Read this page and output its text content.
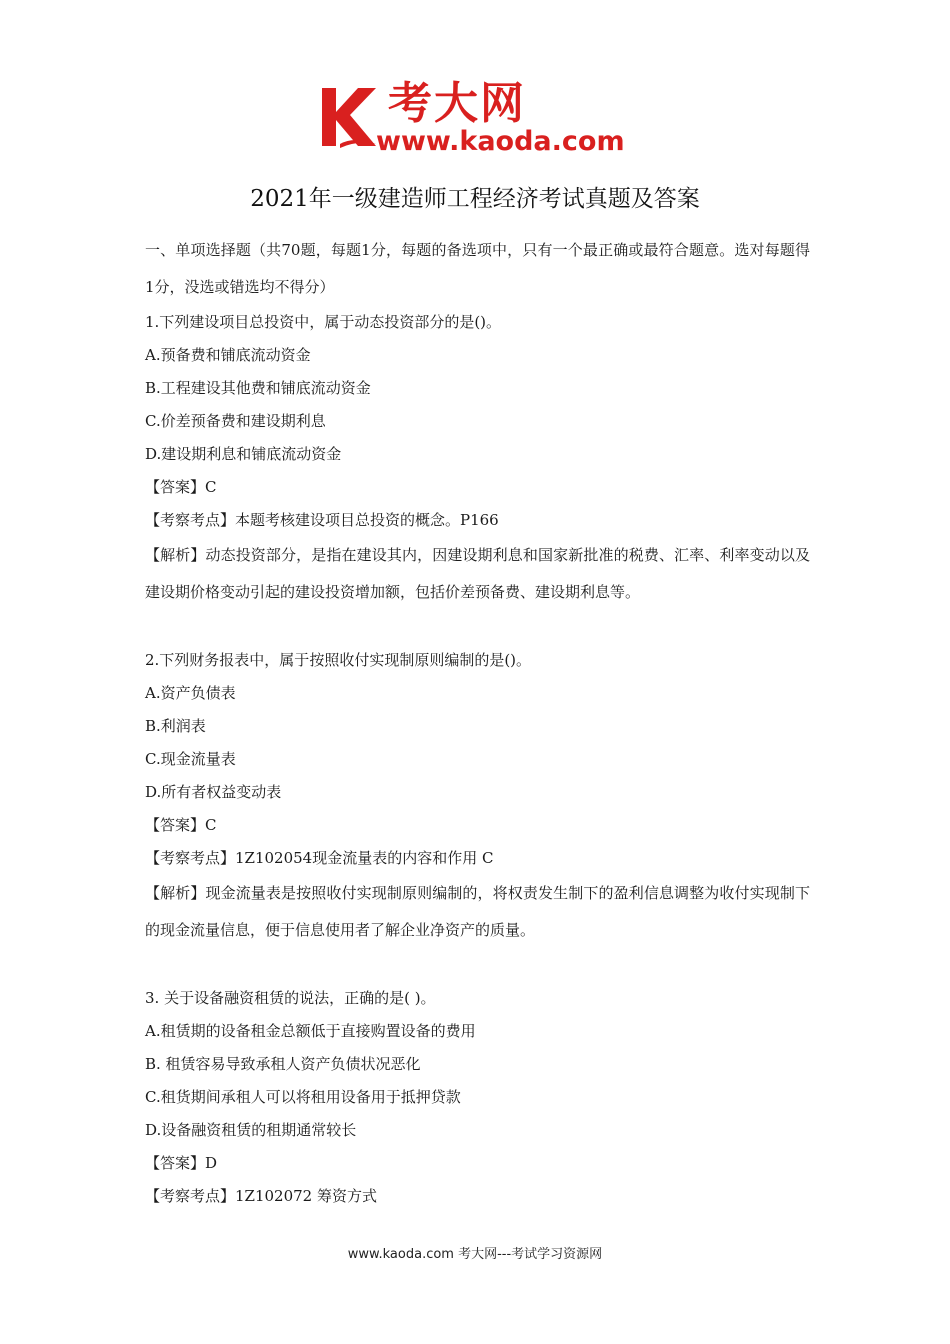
考大网
www.kaoda.com
2021年一级建造师工程经济考试真题及答案
一、单项选择题（共70题，每题1分，每题的备选项中，只有一个最正确或最符合题意。选对每题得1分，没选或错选均不得分）
1.下列建设项目总投资中，属于动态投资部分的是()。
A.预备费和铺底流动资金
B.工程建设其他费和铺底流动资金
C.价差预备费和建设期利息
D.建设期利息和铺底流动资金
【答案】C
【考察考点】本题考核建设项目总投资的概念。P166
【解析】动态投资部分，是指在建设其内，因建设期利息和国家新批准的税费、汇率、利率变动以及建设期价格变动引起的建设投资增加额，包括价差预备费、建设期利息等。
2.下列财务报表中，属于按照收付实现制原则编制的是()。
A.资产负债表
B.利润表
C.现金流量表
D.所有者权益变动表
【答案】C
【考察考点】1Z102054现金流量表的内容和作用 C
【解析】现金流量表是按照收付实现制原则编制的，将权责发生制下的盈利信息调整为收付实现制下的现金流量信息，便于信息使用者了解企业净资产的质量。
3. 关于设备融资租赁的说法，正确的是( )。
A.租赁期的设备租金总额低于直接购置设备的费用
B. 租赁容易导致承租人资产负债状况恶化
C.租货期间承租人可以将租用设备用于抵押贷款
D.设备融资租赁的租期通常较长
【答案】D
【考察考点】1Z102072 筹资方式
www.kaoda.com 考大网---考试学习资源网
